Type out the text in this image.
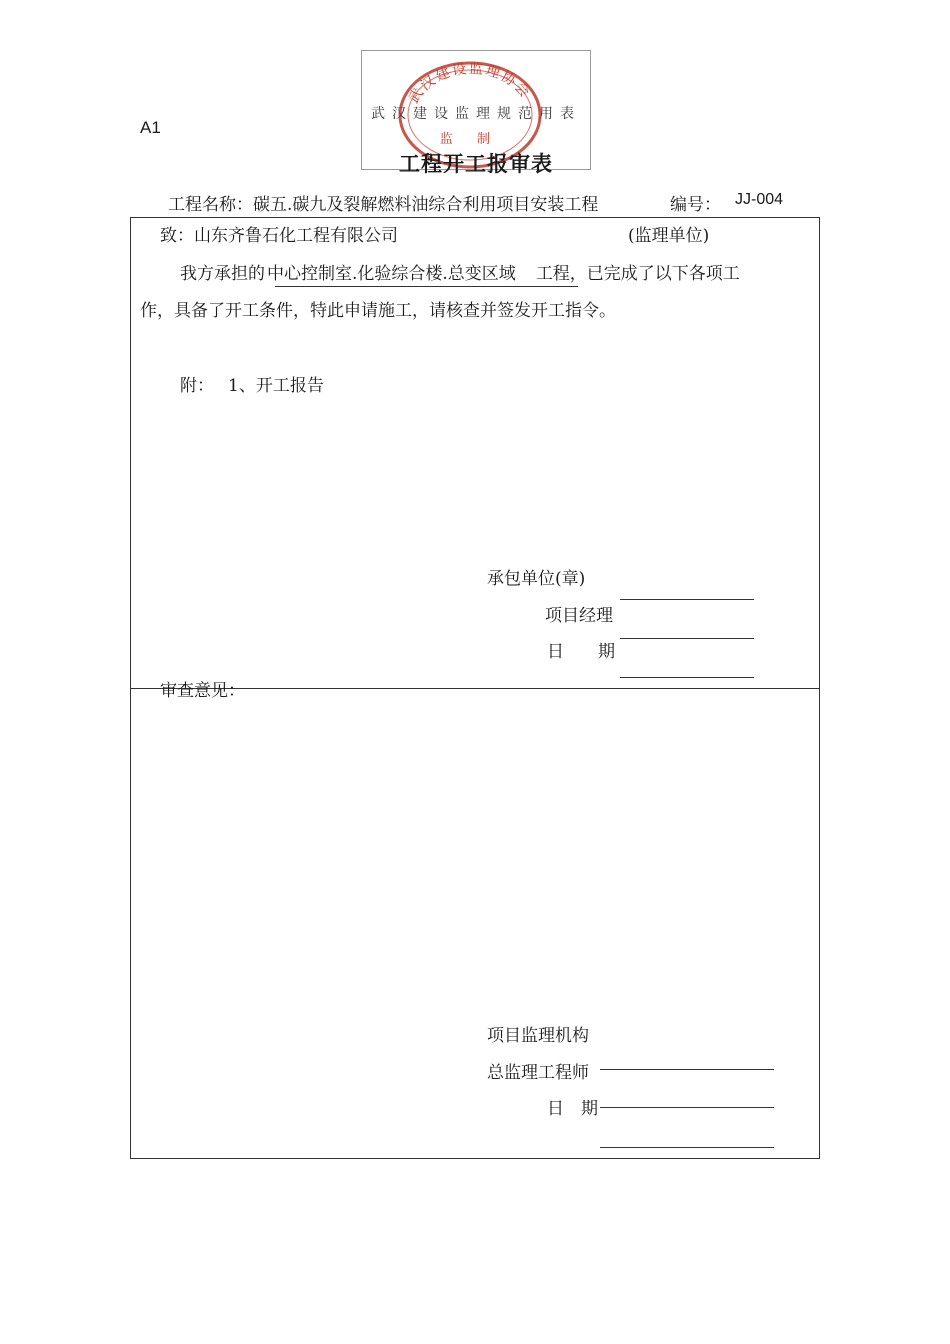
A1
武汉建设监理协会
监 制
武汉建设监理规范用表
工程开工报审表
工程名称：碳五.碳九及裂解燃料油综合利用项目安装工程	编号： JJ-004
致：山东齐鲁石化工程有限公司	(监理单位)
我方承担的 中心控制室.化验综合楼.总变区域 工程，已完成了以下各项工
作，具备了开工条件，特此申请施工，请核查并签发开工指令。
附： 1、开工报告
承包单位(章)
项目经理
日　　期
审查意见：
项目监理机构
总监理工程师
日　期
